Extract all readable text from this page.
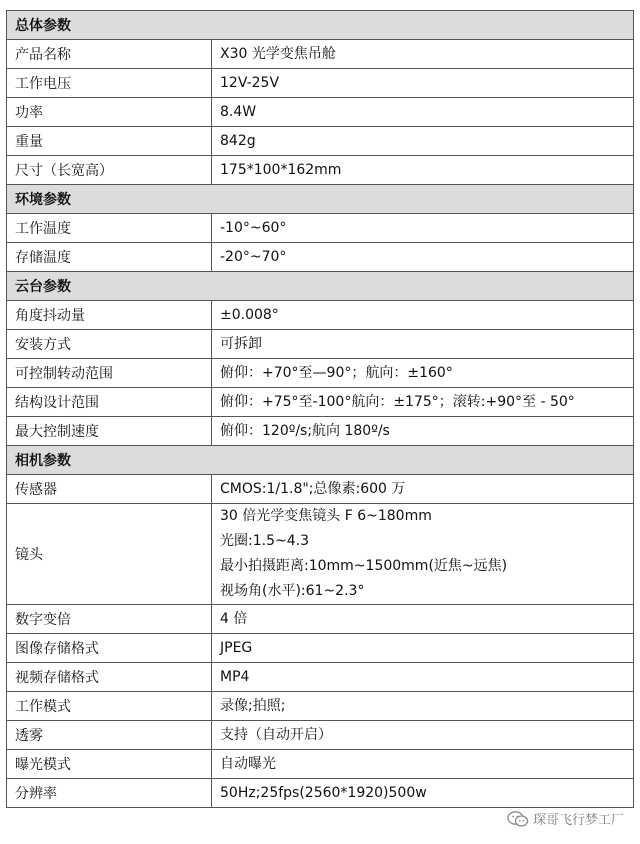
总体参数	
产品名称	X30 光学变焦吊舱

工作电压	12V-25V

功率	8.4W

重量	842g

尺寸（长宽高）	175*100*162mm

环境参数	
工作温度	-10°~60°

存储温度	-20°~70°

云台参数	
角度抖动量	±0.008°

安装方式	可拆卸

可控制转动范围	俯仰：+70°至—90°；航向：±160°

结构设计范围	俯仰：+75°至-100°航向：±175°；滚转:+90°至 - 50°

最大控制速度	俯仰：120º/s;航向 180º/s

相机参数	
传感器	CMOS:1/1.8";总像素:600 万

镜头	30 倍光学变焦镜头 F 6~180mm
光圈:1.5~4.3
最小拍摄距离:10mm~1500mm(近焦~远焦)
视场角(水平):61~2.3°

数字变倍	4 倍

图像存储格式	JPEG

视频存储格式	MP4

工作模式	录像;拍照;

透雾	支持（自动开启）

曝光模式	自动曝光

分辨率	50Hz;25fps(2560*1920)500w
琛哥飞行梦工厂
